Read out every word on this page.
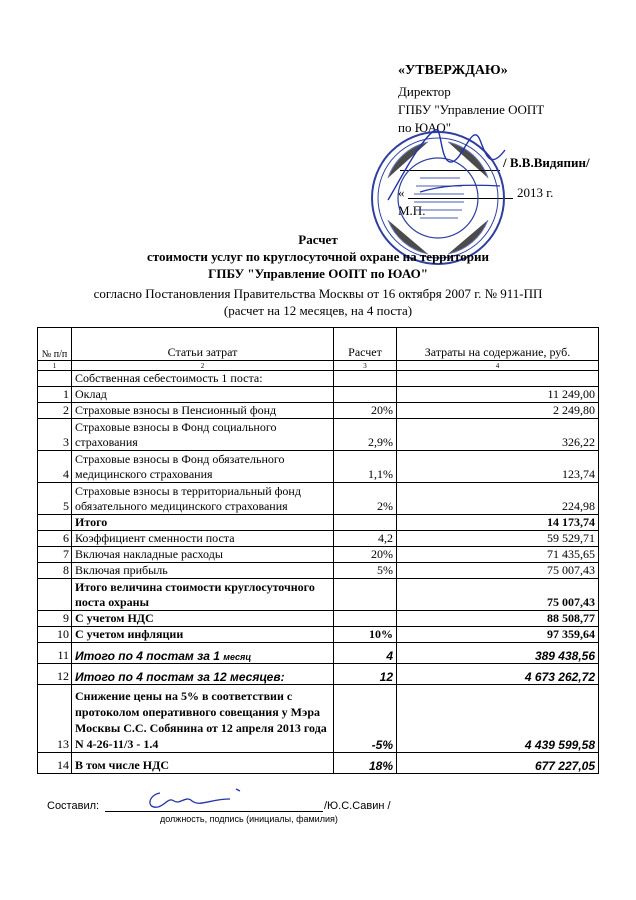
«УТВЕРЖДАЮ»
Директор
ГПБУ "Управление ООПТ
по ЮАО"
/ В.В.Видяпин/
«	2013 г.
М.П.
Расчет
стоимости услуг по круглосуточной охране на территории
ГПБУ "Управление ООПТ по ЮАО"
согласно Постановления Правительства Москвы от 16 октября 2007 г. № 911-ПП
(расчет на 12 месяцев, на 4 поста)
№ п/п	Статьи затрат	Расчет	Затраты на содержание, руб.
1	2	3	4
	Собственная себестоимость 1 поста:		
1	Оклад		11 249,00
2	Страховые взносы в Пенсионный фонд	20%	2 249,80
3	Страховые взносы в Фонд социального страхования	2,9%	326,22
4	Страховые взносы в Фонд обязательного медицинского страхования	1,1%	123,74
5	Страховые взносы в территориальный фонд обязательного медицинского страхования	2%	224,98
	Итого		14 173,74
6	Коэффициент сменности поста	4,2	59 529,71
7	Включая накладные расходы	20%	71 435,65
8	Включая прибыль	5%	75 007,43
	Итого величина стоимости круглосуточного поста охраны		75 007,43
9	С учетом НДС		88 508,77
10	С учетом инфляции	10%	97 359,64
11	Итого по 4 постам за 1 месяц	4	389 438,56
12	Итого по 4 постам за 12 месяцев:	12	4 673 262,72
13	Снижение цены на 5% в соответствии с протоколом оперативного совещания у Мэра Москвы С.С. Собянина от 12 апреля 2013 года N 4-26-11/3 - 1.4	-5%	4 439 599,58
14	В том числе НДС	18%	677 227,05
Составил:	/Ю.С.Савин /
должность, подпись (инициалы, фамилия)
